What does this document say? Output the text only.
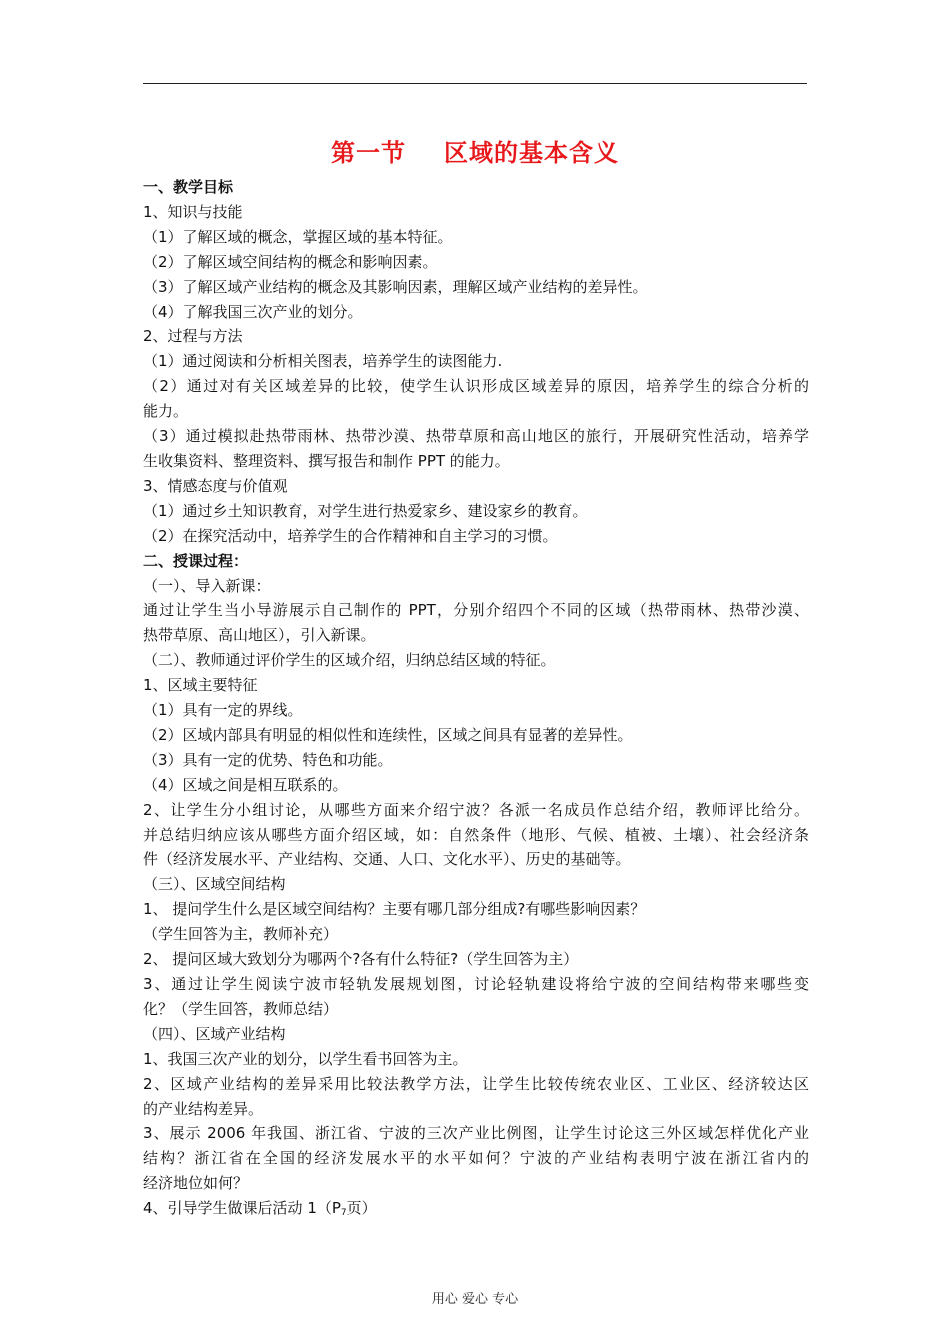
第一节 区域的基本含义
一、教学目标
1、知识与技能
（1）了解区域的概念，掌握区域的基本特征。
（2）了解区域空间结构的概念和影响因素。
（3）了解区域产业结构的概念及其影响因素，理解区域产业结构的差异性。
（4）了解我国三次产业的划分。
2、过程与方法
（1）通过阅读和分析相关图表，培养学生的读图能力.
（2）通过对有关区域差异的比较，使学生认识形成区域差异的原因，培养学生的综合分析的
能力。
（3）通过模拟赴热带雨林、热带沙漠、热带草原和高山地区的旅行，开展研究性活动，培养学
生收集资料、整理资料、撰写报告和制作 PPT 的能力。
3、情感态度与价值观
（1）通过乡土知识教育，对学生进行热爱家乡、建设家乡的教育。
（2）在探究活动中，培养学生的合作精神和自主学习的习惯。
二、授课过程：
（一）、导入新课：
通过让学生当小导游展示自己制作的 PPT，分别介绍四个不同的区域（热带雨林、热带沙漠、
热带草原、高山地区），引入新课。
（二）、教师通过评价学生的区域介绍，归纳总结区域的特征。
1、区域主要特征
（1）具有一定的界线。
（2）区域内部具有明显的相似性和连续性，区域之间具有显著的差异性。
（3）具有一定的优势、特色和功能。
（4）区域之间是相互联系的。
2、让学生分小组讨论，从哪些方面来介绍宁波？各派一名成员作总结介绍，教师评比给分。
并总结归纳应该从哪些方面介绍区域，如：自然条件（地形、气候、植被、土壤）、社会经济条
件（经济发展水平、产业结构、交通、人口、文化水平）、历史的基础等。
（三）、区域空间结构
1、 提问学生什么是区域空间结构？主要有哪几部分组成?有哪些影响因素？
（学生回答为主，教师补充）
2、 提问区域大致划分为哪两个?各有什么特征?（学生回答为主）
3、通过让学生阅读宁波市轻轨发展规划图，讨论轻轨建设将给宁波的空间结构带来哪些变
化？（学生回答，教师总结）
（四）、区域产业结构
1、我国三次产业的划分，以学生看书回答为主。
2、区域产业结构的差异采用比较法教学方法，让学生比较传统农业区、工业区、经济较达区
的产业结构差异。
3、展示 2006 年我国、浙江省、宁波的三次产业比例图，让学生讨论这三外区域怎样优化产业
结构？浙江省在全国的经济发展水平的水平如何？宁波的产业结构表明宁波在浙江省内的
经济地位如何？
4、引导学生做课后活动 $1(P_7$页）
用心 爱心 专心
